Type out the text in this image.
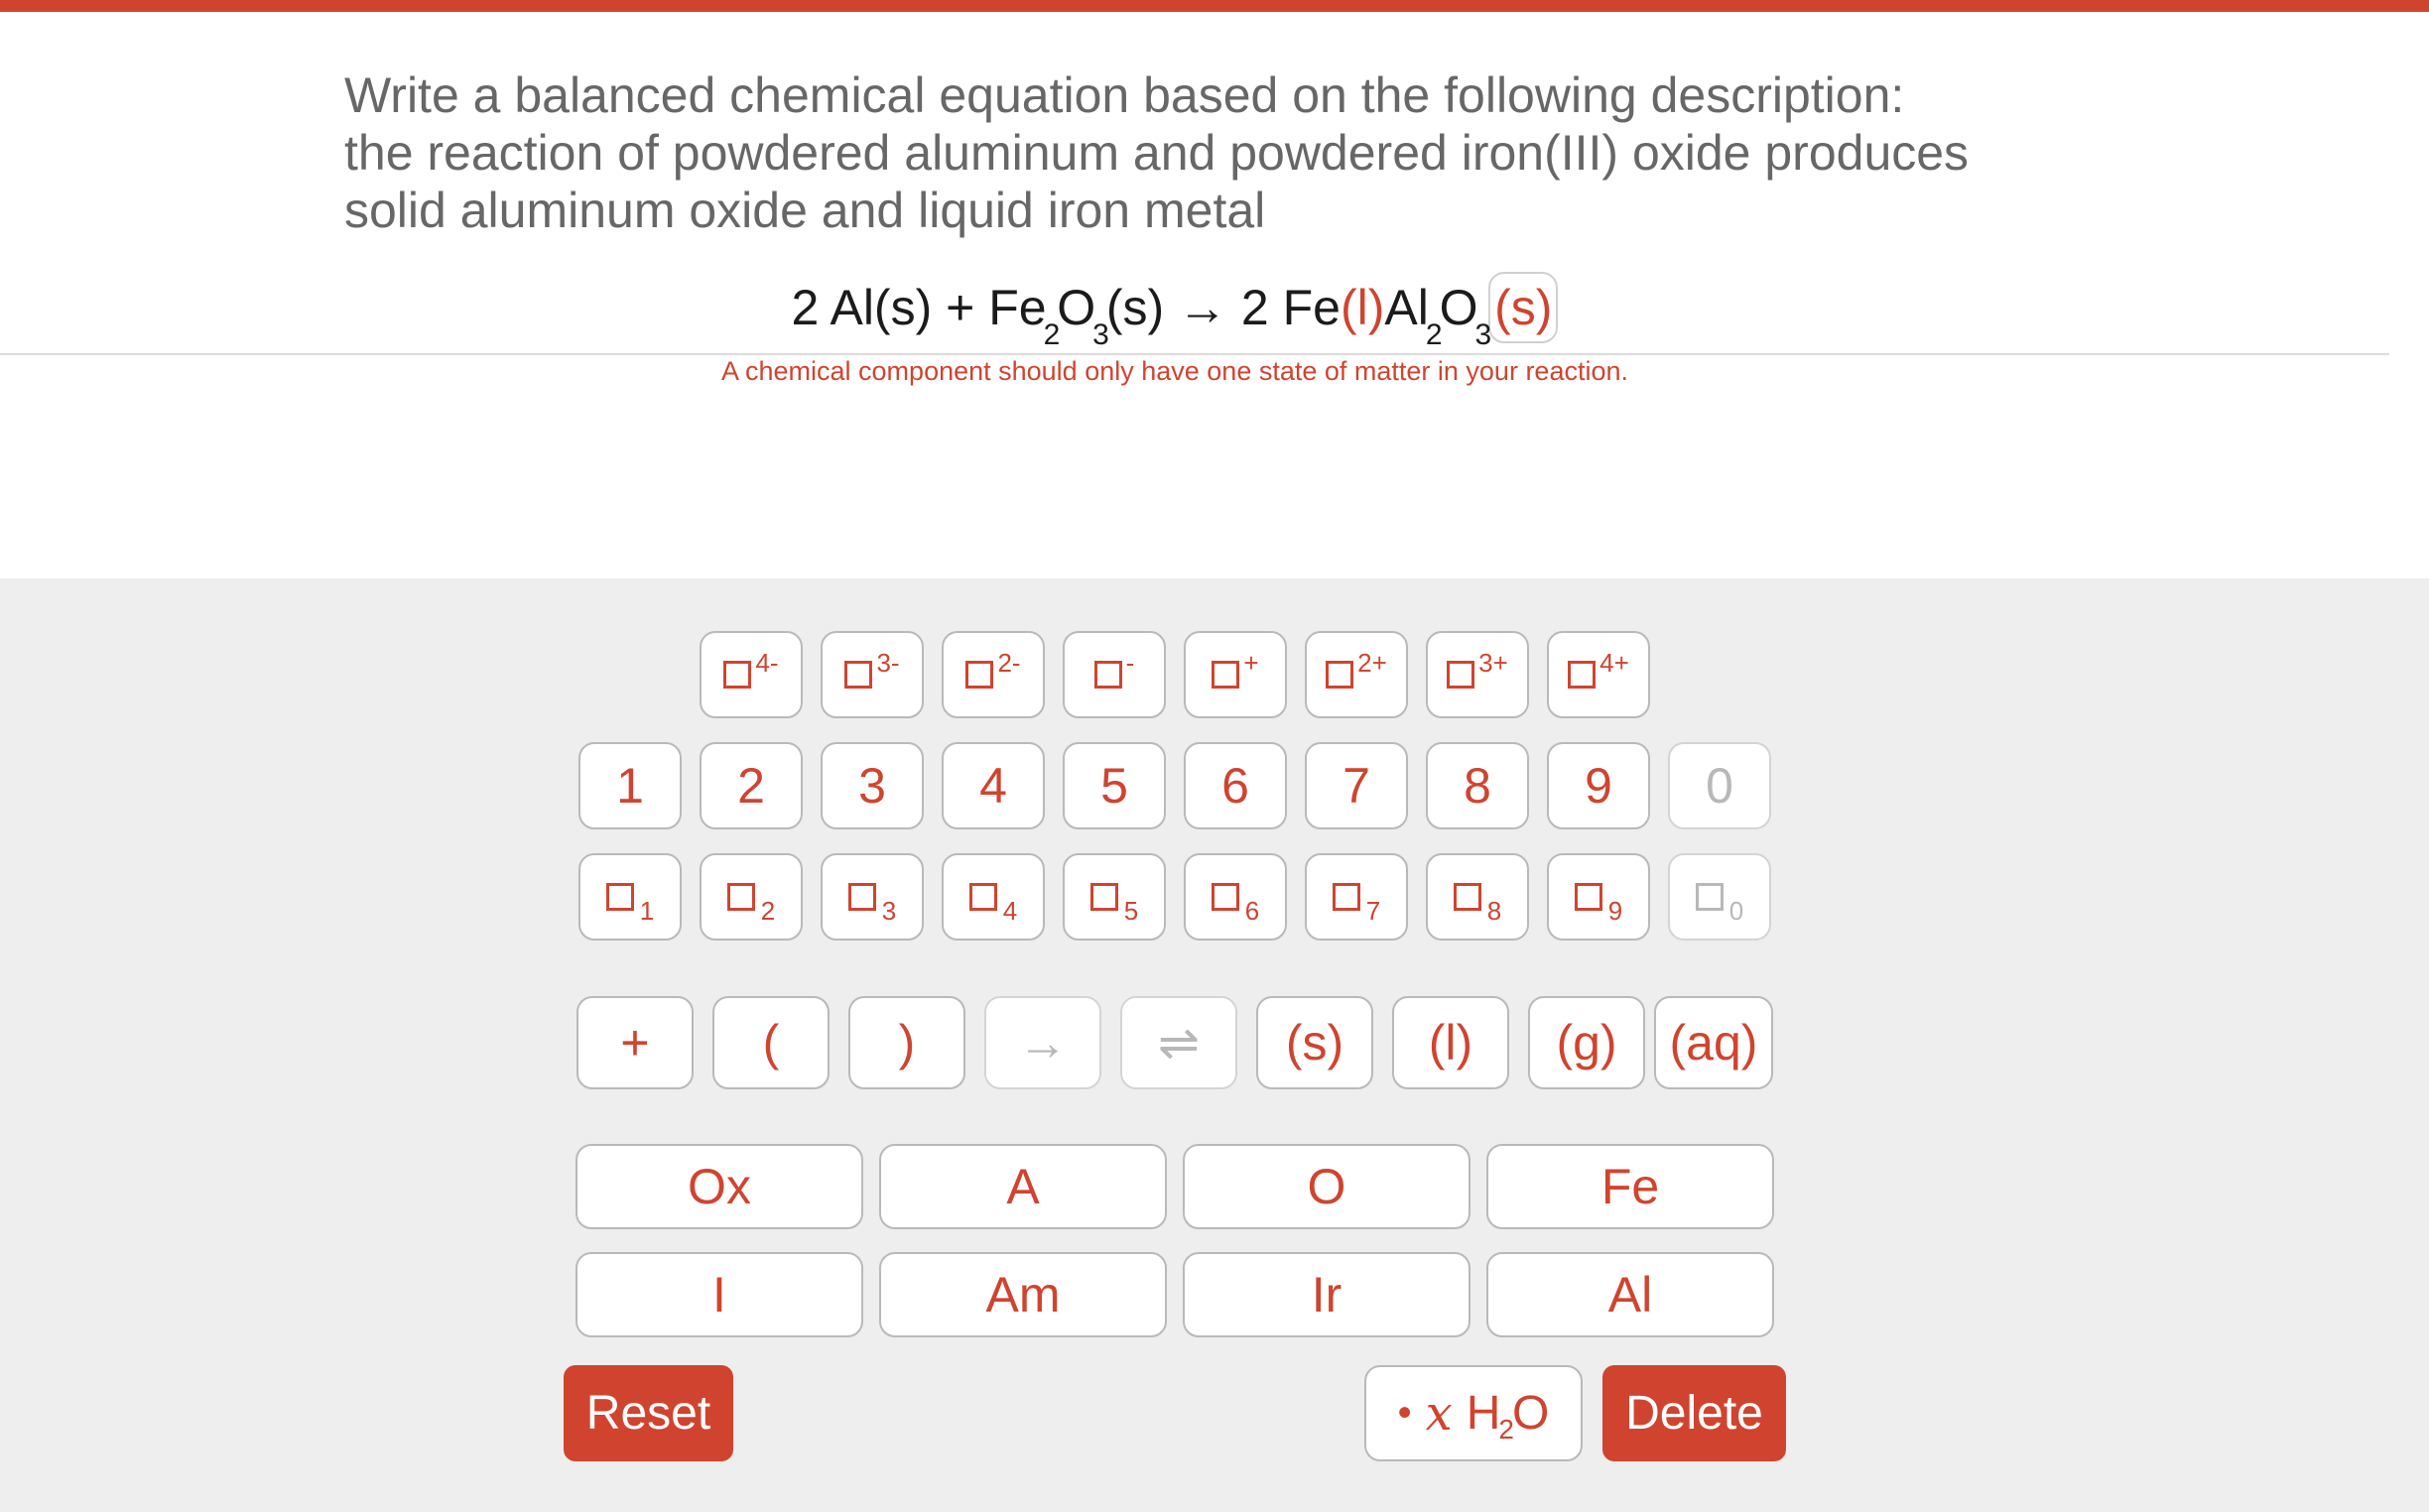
Write a balanced chemical equation based on the following description:
the reaction of powdered aluminum and powdered iron(III) oxide produces
solid aluminum oxide and liquid iron metal
2 $Al(s) + Fe_2O_3(s) \to 2$ $Fe(l)Al_2O_3(s)$
A chemical component should only have one state of matter in your reaction.
4-	3-	2-	-	+	2+	3+	4+
1	2	3	4	5	6	7	8	9	0
1	2	3	4	5	6	7	8	9	0
+	(	)	→	⇌	(s)	(l)	(g)	(aq)
Ox	A	O	Fe
I	Am	Ir	Al
Reset	• x H
2
O	Delete
